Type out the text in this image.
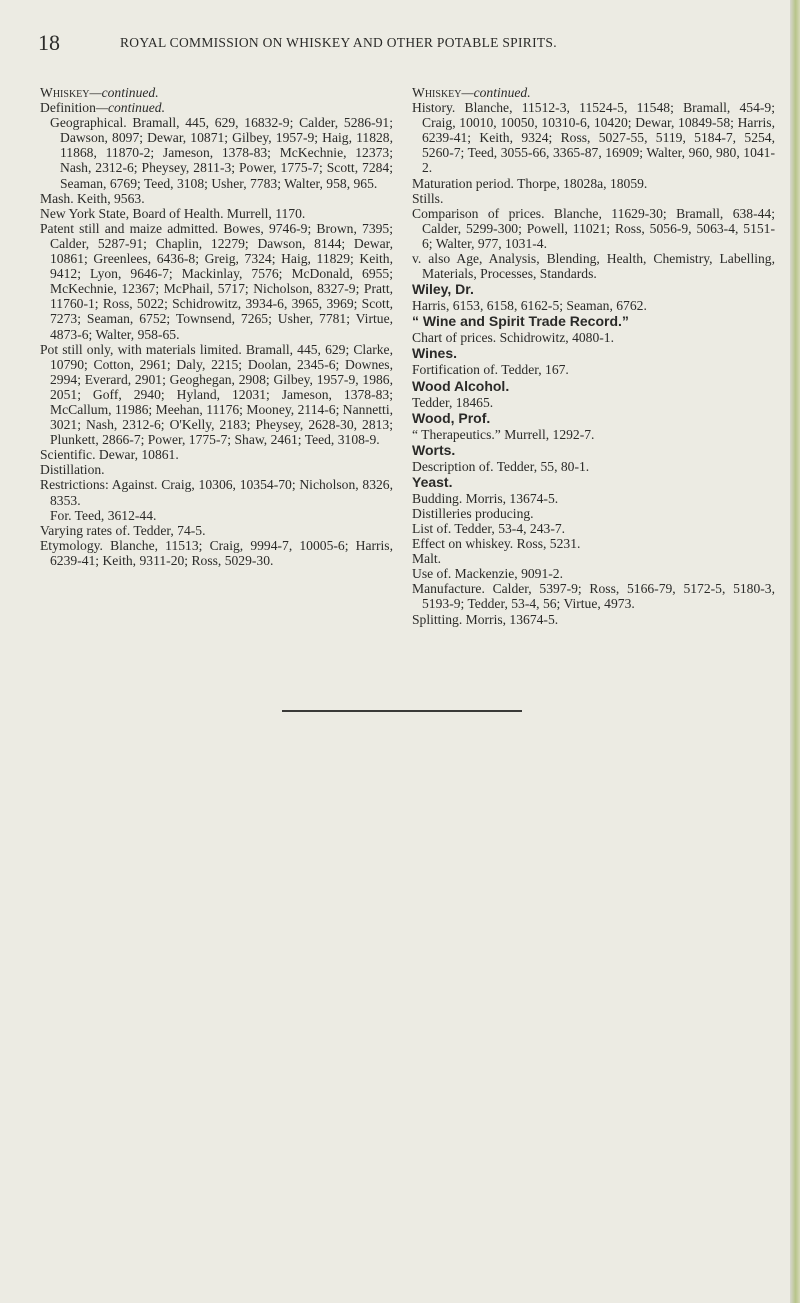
18	ROYAL COMMISSION ON WHISKEY AND OTHER POTABLE SPIRITS.
Whiskey—continued.
Definition—continued.
Geographical. Bramall, 445, 629, 16832-9; Calder, 5286-91; Dawson, 8097; Dewar, 10871; Gilbey, 1957-9; Haig, 11828, 11868, 11870-2; Jameson, 1378-83; McKechnie, 12373; Nash, 2312-6; Pheysey, 2811-3; Power, 1775-7; Scott, 7284; Seaman, 6769; Teed, 3108; Usher, 7783; Walter, 958, 965.
Mash. Keith, 9563.
New York State, Board of Health. Murrell, 1170.
Patent still and maize admitted. Bowes, 9746-9; Brown, 7395; Calder, 5287-91; Chaplin, 12279; Dawson, 8144; Dewar, 10861; Greenlees, 6436-8; Greig, 7324; Haig, 11829; Keith, 9412; Lyon, 9646-7; Mackinlay, 7576; McDonald, 6955; McKechnie, 12367; McPhail, 5717; Nicholson, 8327-9; Pratt, 11760-1; Ross, 5022; Schidrowitz, 3934-6, 3965, 3969; Scott, 7273; Seaman, 6752; Townsend, 7265; Usher, 7781; Virtue, 4873-6; Walter, 958-65.
Pot still only, with materials limited. Bramall, 445, 629; Clarke, 10790; Cotton, 2961; Daly, 2215; Doolan, 2345-6; Downes, 2994; Everard, 2901; Geoghegan, 2908; Gilbey, 1957-9, 1986, 2051; Goff, 2940; Hyland, 12031; Jameson, 1378-83; McCallum, 11986; Meehan, 11176; Mooney, 2114-6; Nannetti, 3021; Nash, 2312-6; O'Kelly, 2183; Pheysey, 2628-30, 2813; Plunkett, 2866-7; Power, 1775-7; Shaw, 2461; Teed, 3108-9.
Scientific. Dewar, 10861.
Distillation.
Restrictions: Against. Craig, 10306, 10354-70; Nicholson, 8326, 8353.
For. Teed, 3612-44.
Varying rates of. Tedder, 74-5.
Etymology. Blanche, 11513; Craig, 9994-7, 10005-6; Harris, 6239-41; Keith, 9311-20; Ross, 5029-30.
Whiskey—continued.
History. Blanche, 11512-3, 11524-5, 11548; Bramall, 454-9; Craig, 10010, 10050, 10310-6, 10420; Dewar, 10849-58; Harris, 6239-41; Keith, 9324; Ross, 5027-55, 5119, 5184-7, 5254, 5260-7; Teed, 3055-66, 3365-87, 16909; Walter, 960, 980, 1041-2.
Maturation period. Thorpe, 18028a, 18059.
Stills.
Comparison of prices. Blanche, 11629-30; Bramall, 638-44; Calder, 5299-300; Powell, 11021; Ross, 5056-9, 5063-4, 5151-6; Walter, 977, 1031-4.
v. also Age, Analysis, Blending, Health, Chemistry, Labelling, Materials, Processes, Standards.
Wiley, Dr.
Harris, 6153, 6158, 6162-5; Seaman, 6762.
“ Wine and Spirit Trade Record.”
Chart of prices. Schidrowitz, 4080-1.
Wines.
Fortification of. Tedder, 167.
Wood Alcohol.
Tedder, 18465.
Wood, Prof.
“ Therapeutics.” Murrell, 1292-7.
Worts.
Description of. Tedder, 55, 80-1.
Yeast.
Budding. Morris, 13674-5.
Distilleries producing.
List of. Tedder, 53-4, 243-7.
Effect on whiskey. Ross, 5231.
Malt.
Use of. Mackenzie, 9091-2.
Manufacture. Calder, 5397-9; Ross, 5166-79, 5172-5, 5180-3, 5193-9; Tedder, 53-4, 56; Virtue, 4973.
Splitting. Morris, 13674-5.
